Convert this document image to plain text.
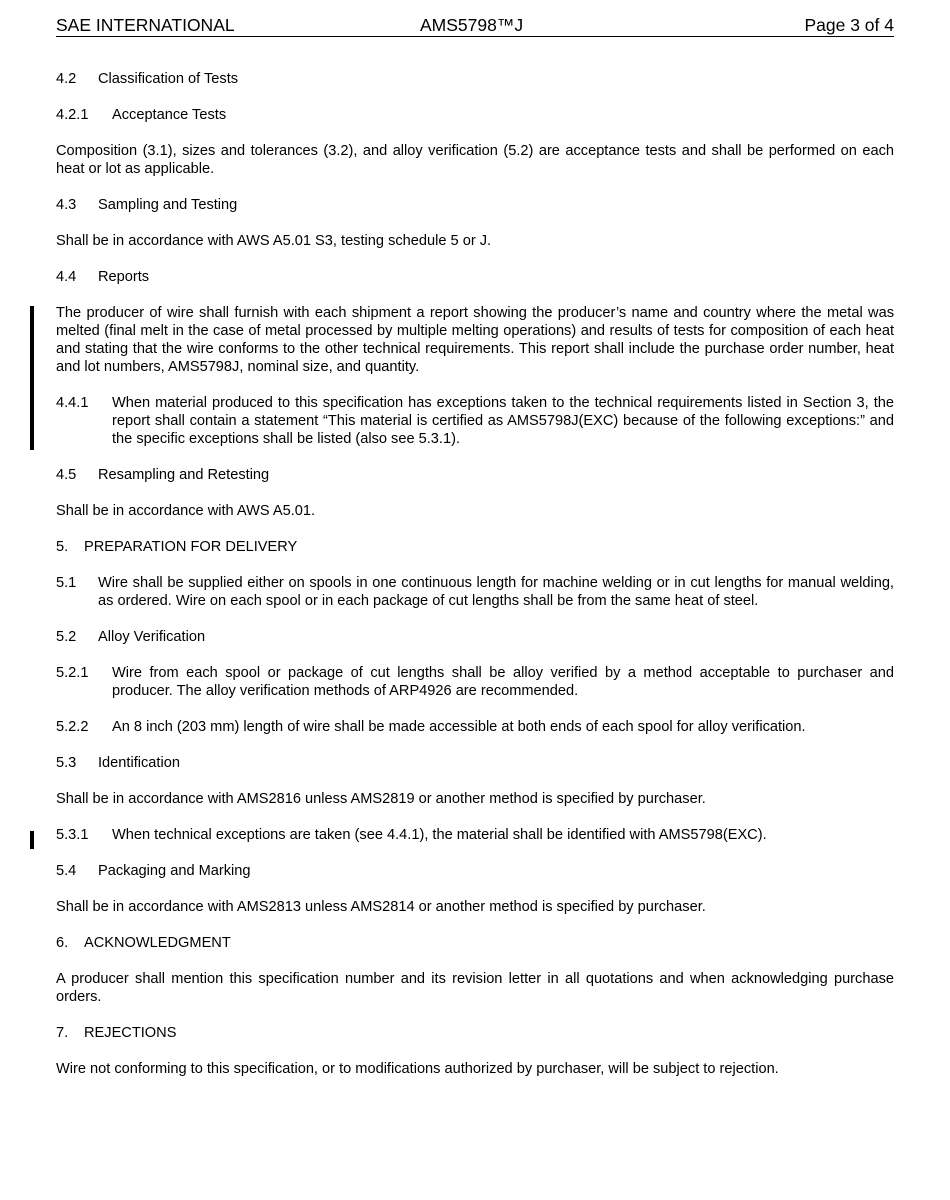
SAE INTERNATIONAL	AMS5798™J	Page 3 of 4
4.2 Classification of Tests
4.2.1 Acceptance Tests
Composition (3.1), sizes and tolerances (3.2), and alloy verification (5.2) are acceptance tests and shall be performed on each heat or lot as applicable.
4.3 Sampling and Testing
Shall be in accordance with AWS A5.01 S3, testing schedule 5 or J.
4.4 Reports
The producer of wire shall furnish with each shipment a report showing the producer’s name and country where the metal was melted (final melt in the case of metal processed by multiple melting operations) and results of tests for composition of each heat and stating that the wire conforms to the other technical requirements. This report shall include the purchase order number, heat and lot numbers, AMS5798J, nominal size, and quantity.
4.4.1 When material produced to this specification has exceptions taken to the technical requirements listed in Section 3, the report shall contain a statement “This material is certified as AMS5798J(EXC) because of the following exceptions:” and the specific exceptions shall be listed (also see 5.3.1).
4.5 Resampling and Retesting
Shall be in accordance with AWS A5.01.
5. PREPARATION FOR DELIVERY
5.1 Wire shall be supplied either on spools in one continuous length for machine welding or in cut lengths for manual welding, as ordered. Wire on each spool or in each package of cut lengths shall be from the same heat of steel.
5.2 Alloy Verification
5.2.1 Wire from each spool or package of cut lengths shall be alloy verified by a method acceptable to purchaser and producer. The alloy verification methods of ARP4926 are recommended.
5.2.2 An 8 inch (203 mm) length of wire shall be made accessible at both ends of each spool for alloy verification.
5.3 Identification
Shall be in accordance with AMS2816 unless AMS2819 or another method is specified by purchaser.
5.3.1 When technical exceptions are taken (see 4.4.1), the material shall be identified with AMS5798(EXC).
5.4 Packaging and Marking
Shall be in accordance with AMS2813 unless AMS2814 or another method is specified by purchaser.
6. ACKNOWLEDGMENT
A producer shall mention this specification number and its revision letter in all quotations and when acknowledging purchase orders.
7. REJECTIONS
Wire not conforming to this specification, or to modifications authorized by purchaser, will be subject to rejection.
